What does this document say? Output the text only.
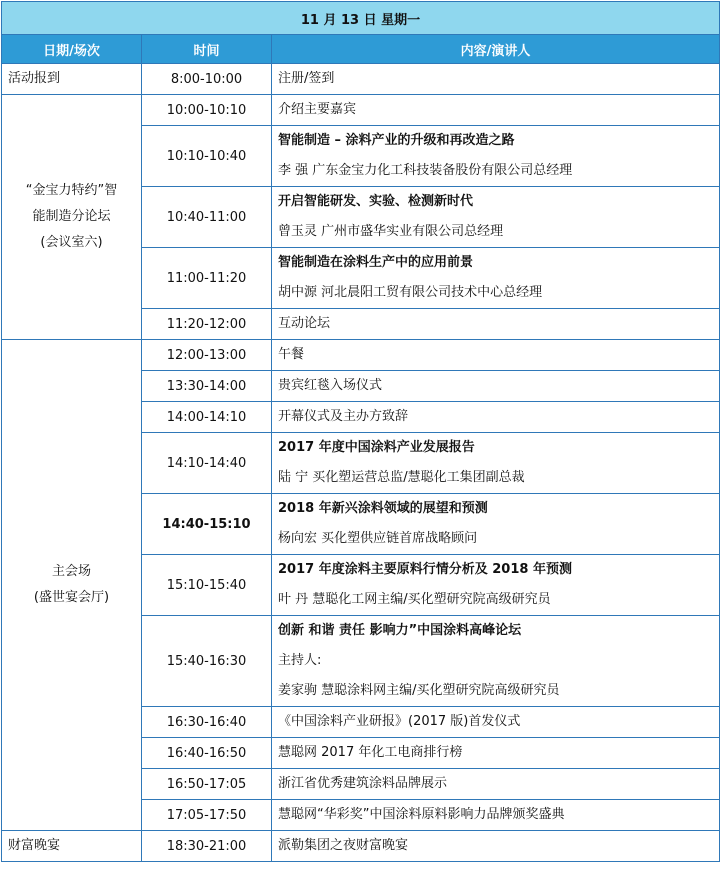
11 月 13 日 星期一		
日期/场次	时间	内容/演讲人

活动报到	8:00-10:00	注册/签到

“金宝力特约”智
能制造分论坛
(会议室六)	10:00-10:10	介绍主要嘉宾

	10:10-10:40	智能制造 – 涂料产业的升级和再改造之路
李 强 广东金宝力化工科技装备股份有限公司总经理

	10:40-11:00	开启智能研发、实验、检测新时代
曾玉灵 广州市盛华实业有限公司总经理

	11:00-11:20	智能制造在涂料生产中的应用前景
胡中源 河北晨阳工贸有限公司技术中心总经理

	11:20-12:00	互动论坛

主会场
(盛世宴会厅)	12:00-13:00	午餐

	13:30-14:00	贵宾红毯入场仪式

	14:00-14:10	开幕仪式及主办方致辞

	14:10-14:40	2017 年度中国涂料产业发展报告
陆 宁 买化塑运营总监/慧聪化工集团副总裁

	14:40-15:10	2018 年新兴涂料领域的展望和预测
杨向宏 买化塑供应链首席战略顾问

	15:10-15:40	2017 年度涂料主要原料行情分析及 2018 年预测
叶 丹 慧聪化工网主编/买化塑研究院高级研究员

	15:40-16:30	创新 和谐 责任 影响力”中国涂料高峰论坛
主持人:
姜家驹 慧聪涂料网主编/买化塑研究院高级研究员

	16:30-16:40	《中国涂料产业研报》(2017 版)首发仪式

	16:40-16:50	慧聪网 2017 年化工电商排行榜

	16:50-17:05	浙江省优秀建筑涂料品牌展示

	17:05-17:50	慧聪网“华彩奖”中国涂料原料影响力品牌颁奖盛典

财富晚宴	18:30-21:00	派勒集团之夜财富晚宴
